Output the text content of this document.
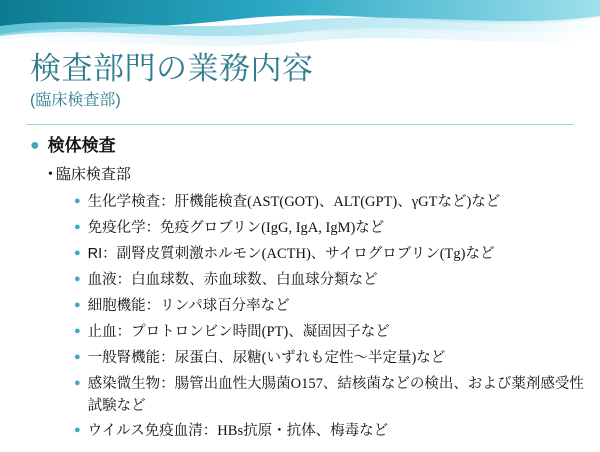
検査部門の業務内容
(臨床検査部)
● 検体検査
• 臨床検査部
● 生化学検査：肝機能検査(AST(GOT)、ALT(GPT)、γGTなど)など
● 免疫化学：免疫グロブリン(IgG, IgA, IgM)など
● RI：副腎皮質刺激ホルモン(ACTH)、サイログロブリン(Tg)など
● 血液：白血球数、赤血球数、白血球分類など
● 細胞機能：リンパ球百分率など
● 止血：プロトロンビン時間(PT)、凝固因子など
● 一般腎機能：尿蛋白、尿糖(いずれも定性～半定量)など
● 感染微生物：腸管出血性大腸菌O157、結核菌などの検出、および薬剤感受性試験など
● ウイルス免疫血清：HBs抗原・抗体、梅毒など
